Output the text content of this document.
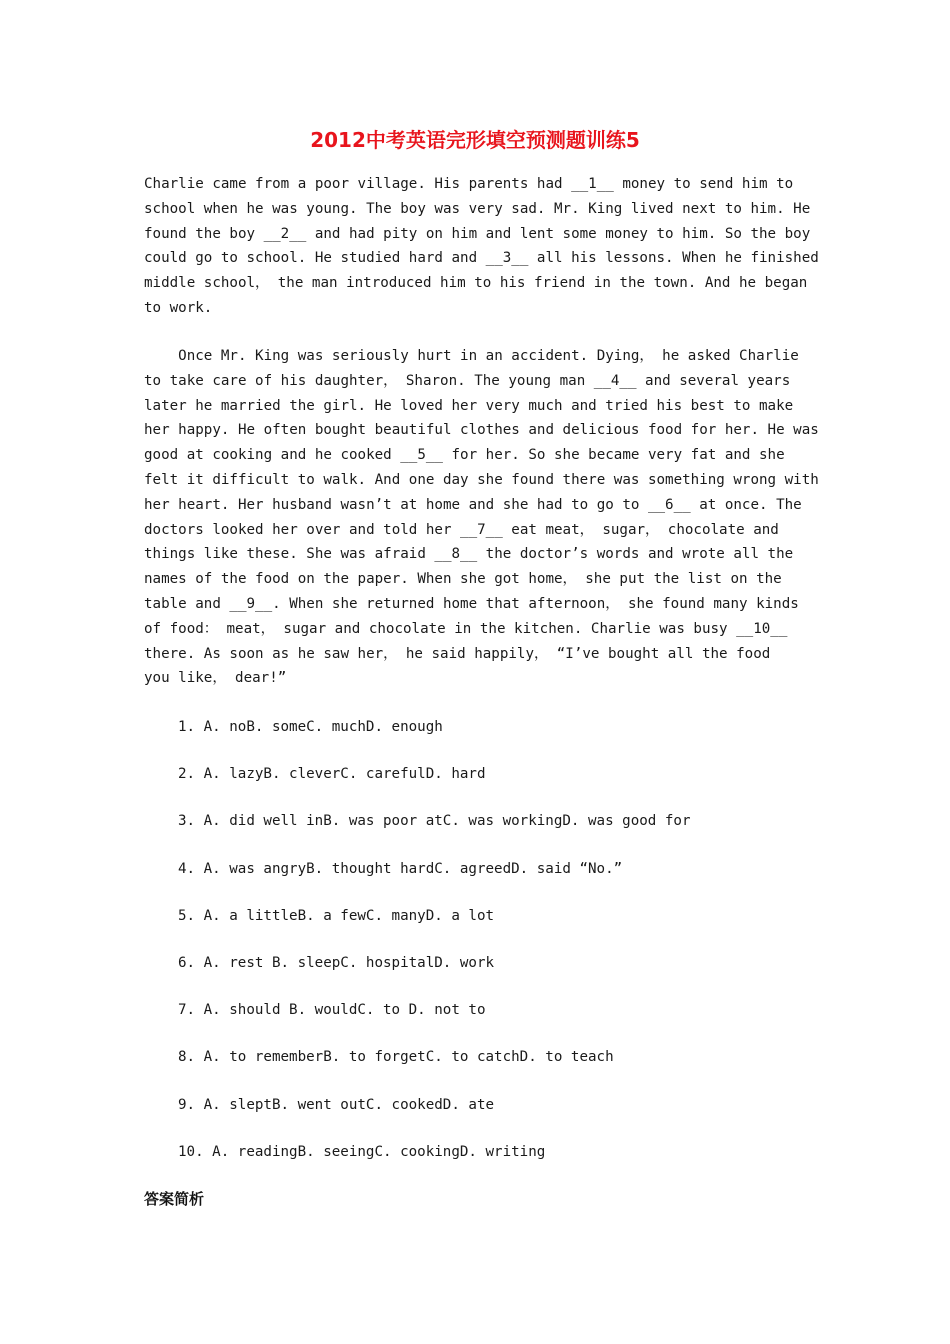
2012中考英语完形填空预测题训练5

Charlie came from a poor village. His parents had __1__ money to send him to
school when he was young. The boy was very sad. Mr. King lived next to him. He
found the boy __2__ and had pity on him and lent some money to him. So the boy
could go to school. He studied hard and __3__ all his lessons. When he finished
middle school， the man introduced him to his friend in the town. And he began
to work.

Once Mr. King was seriously hurt in an accident. Dying， he asked Charlie
to take care of his daughter， Sharon. The young man __4__ and several years
later he married the girl. He loved her very much and tried his best to make
her happy. He often bought beautiful clothes and delicious food for her. He was
good at cooking and he cooked __5__ for her. So she became very fat and she
felt it difficult to walk. And one day she found there was something wrong with
her heart. Her husband wasn’t at home and she had to go to __6__ at once. The
doctors looked her over and told her __7__ eat meat， sugar， chocolate and
things like these. She was afraid __8__ the doctor’s words and wrote all the
names of the food on the paper. When she got home， she put the list on the
table and __9__. When she returned home that afternoon， she found many kinds
of food： meat， sugar and chocolate in the kitchen. Charlie was busy __10__
there. As soon as he saw her， he said happily， “I’ve bought all the food
you like， dear!”

1. A. noB. someC. muchD. enough
2. A. lazyB. cleverC. carefulD. hard
3. A. did well inB. was poor atC. was workingD. was good for
4. A. was angryB. thought hardC. agreedD. said “No.”
5. A. a littleB. a fewC. manyD. a lot
6. A. rest B. sleepC. hospitalD. work
7. A. should B. wouldC. to D. not to
8. A. to rememberB. to forgetC. to catchD. to teach
9. A. sleptB. went outC. cookedD. ate
10. A. readingB. seeingC. cookingD. writing
答案简析
